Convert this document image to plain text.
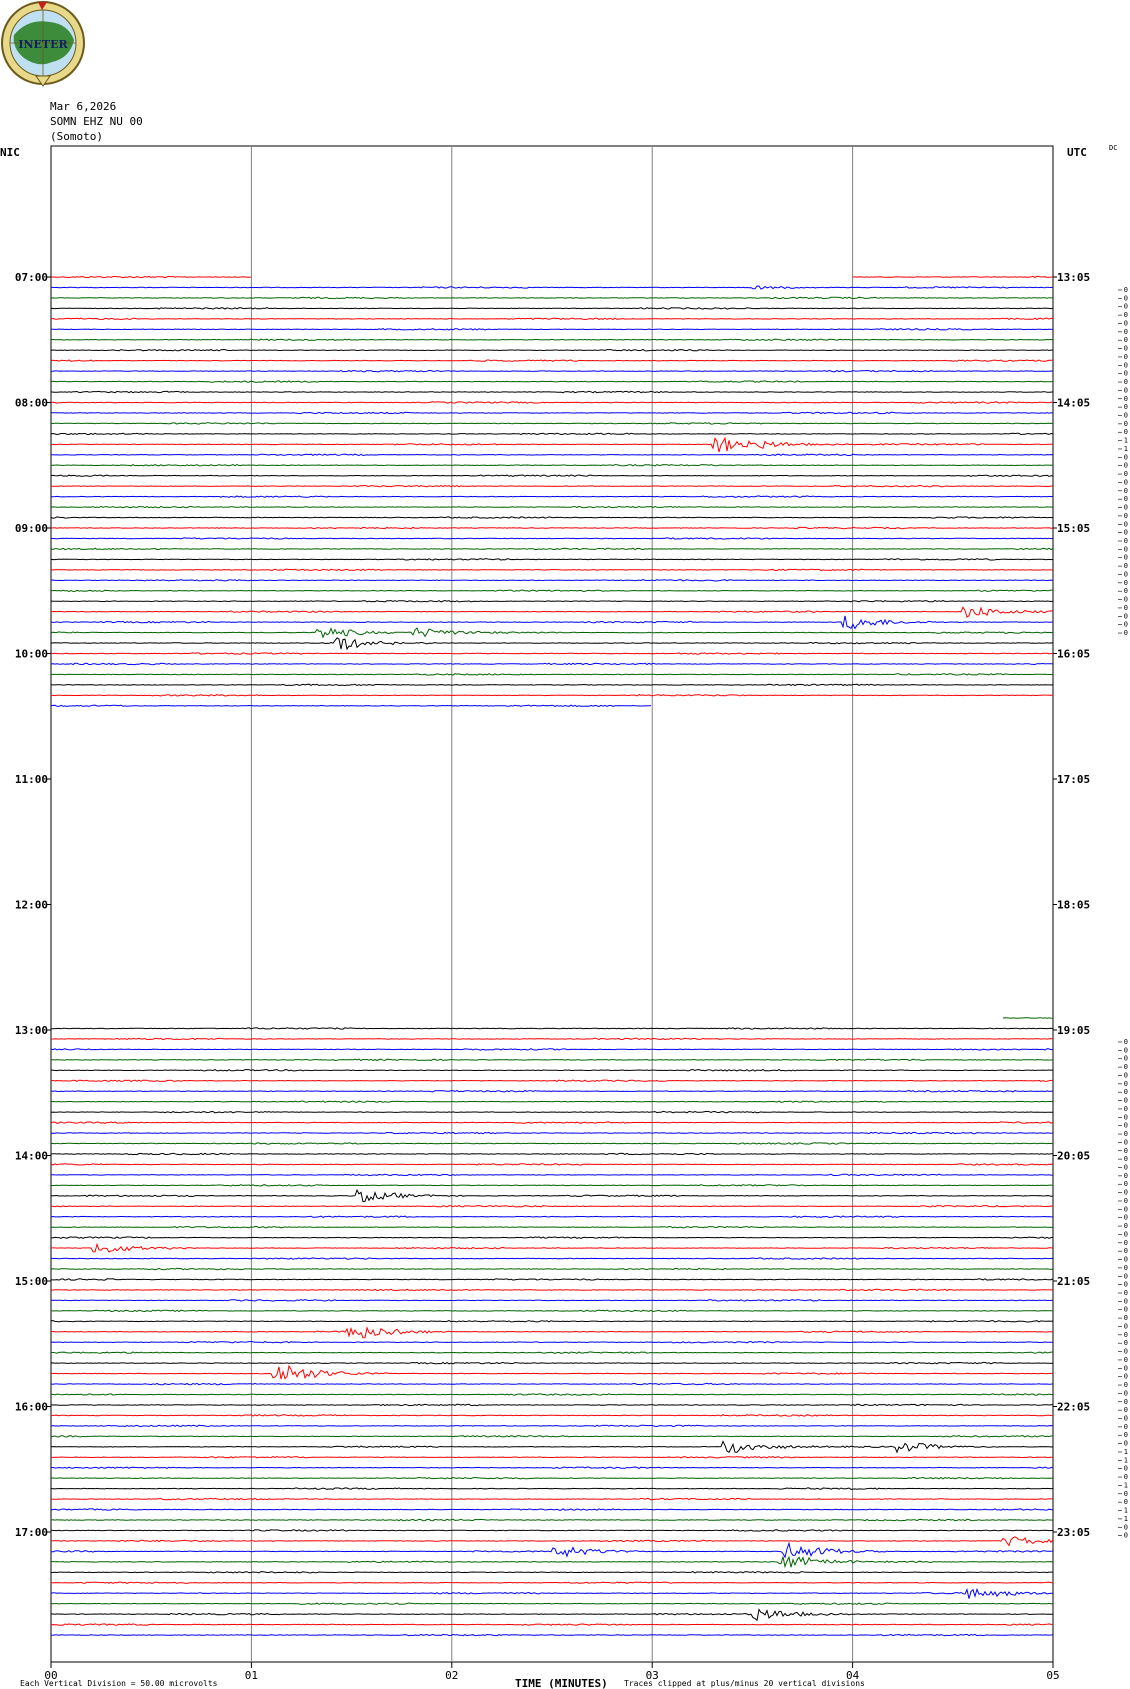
INETER
Mar 6,2026
SOMN EHZ NU 00
(Somoto)
00	01	02	03	04	05
NIC	UTC	DC
07:00
08:00
09:00
10:00
11:00
12:00
13:00
14:00
15:00
16:00
17:00
13:05
14:05
15:05
16:05
17:05
18:05
19:05
20:05
21:05
22:05
23:05
0
0
0
0
0
0
0
0
0
0
0
0
0
0
0
0
0
0
1
1
0
0
0
0
0
0
0
0
0
0
0
0
0
0
0
0
0
0
0
0
0
0
0
0
0
0
0
0
0
0
0
0
0
0
0
0
0
0
0
0
0
0
0
0
0
0
0
0
0
0
0
0
0
0
0
0
0
0
0
0
0
0
0
0
0
0
0
0
0
0
0
1
1
0
0
1
0
0
1
1
0
0
TIME (MINUTES)
Each Vertical Division = 50.00 microvolts	Traces clipped at plus/minus 20 vertical divisions
